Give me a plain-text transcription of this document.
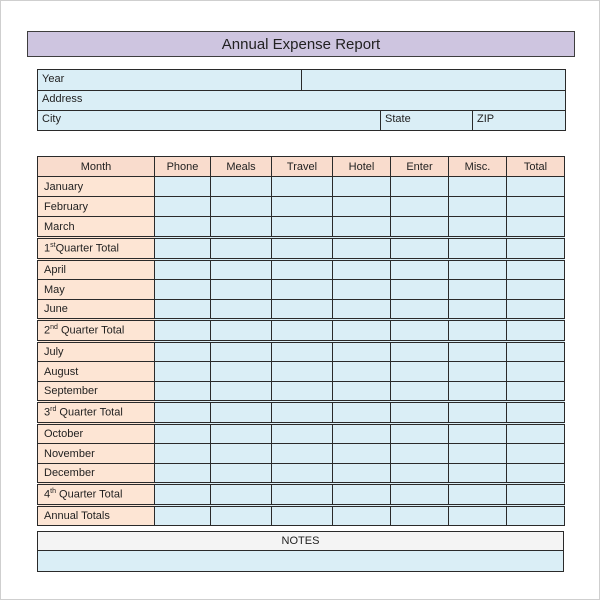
Annual Expense Report
Year
Address
City	State	ZIP
Month	Phone	Meals	Travel	Hotel	Enter	Misc.	Total
January							
February							
March							
1stQuarter Total							
April							
May							
June							
2nd Quarter Total							
July							
August							
September							
3rd Quarter Total							
October							
November							
December							
4th Quarter Total							
Annual Totals							
NOTES
